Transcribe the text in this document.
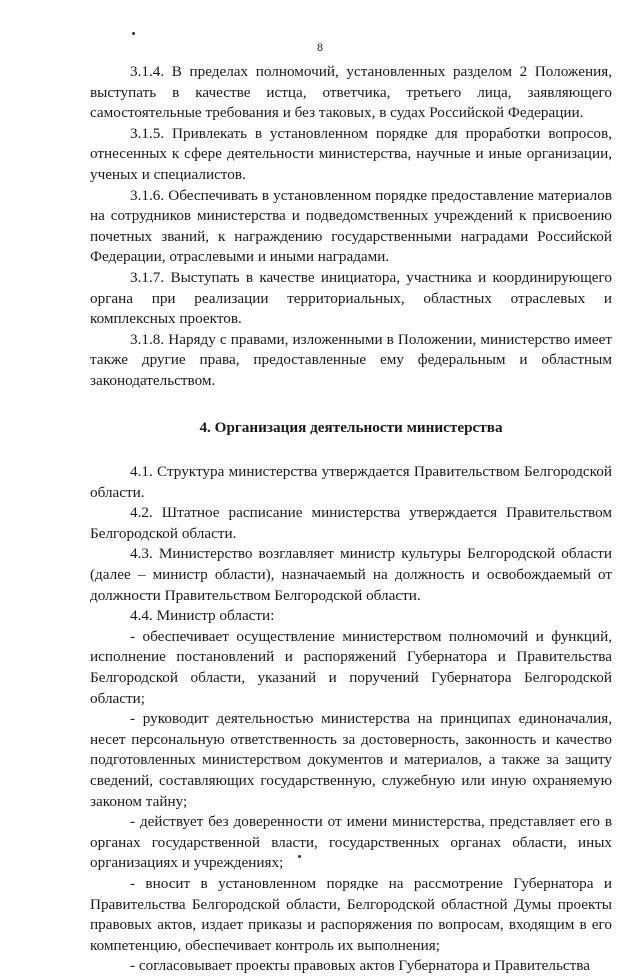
8

3.1.4. В пределах полномочий, установленных разделом 2 Положения, выступать в качестве истца, ответчика, третьего лица, заявляющего самостоятельные требования и без таковых, в судах Российской Федерации.

3.1.5. Привлекать в установленном порядке для проработки вопросов, отнесенных к сфере деятельности министерства, научные и иные организации, ученых и специалистов.

3.1.6. Обеспечивать в установленном порядке предоставление материалов на сотрудников министерства и подведомственных учреждений к присвоению почетных званий, к награждению государственными наградами Российской Федерации, отраслевыми и иными наградами.

3.1.7. Выступать в качестве инициатора, участника и координирующего органа при реализации территориальных, областных отраслевых и комплексных проектов.

3.1.8. Наряду с правами, изложенными в Положении, министерство имеет также другие права, предоставленные ему федеральным и областным законодательством.

4. Организация деятельности министерства

4.1. Структура министерства утверждается Правительством Белгородской области.

4.2. Штатное расписание министерства утверждается Правительством Белгородской области.

4.3. Министерство возглавляет министр культуры Белгородской области (далее – министр области), назначаемый на должность и освобождаемый от должности Правительством Белгородской области.

4.4. Министр области:

- обеспечивает осуществление министерством полномочий и функций, исполнение постановлений и распоряжений Губернатора и Правительства Белгородской области, указаний и поручений Губернатора Белгородской области;

- руководит деятельностью министерства на принципах единоначалия, несет персональную ответственность за достоверность, законность и качество подготовленных министерством документов и материалов, а также за защиту сведений, составляющих государственную, служебную или иную охраняемую законом тайну;

- действует без доверенности от имени министерства, представляет его в органах государственной власти, государственных органах области, иных организациях и учреждениях;

- вносит в установленном порядке на рассмотрение Губернатора и Правительства Белгородской области, Белгородской областной Думы проекты правовых актов, издает приказы и распоряжения по вопросам, входящим в его компетенцию, обеспечивает контроль их выполнения;

- согласовывает проекты правовых актов Губернатора и Правительства
